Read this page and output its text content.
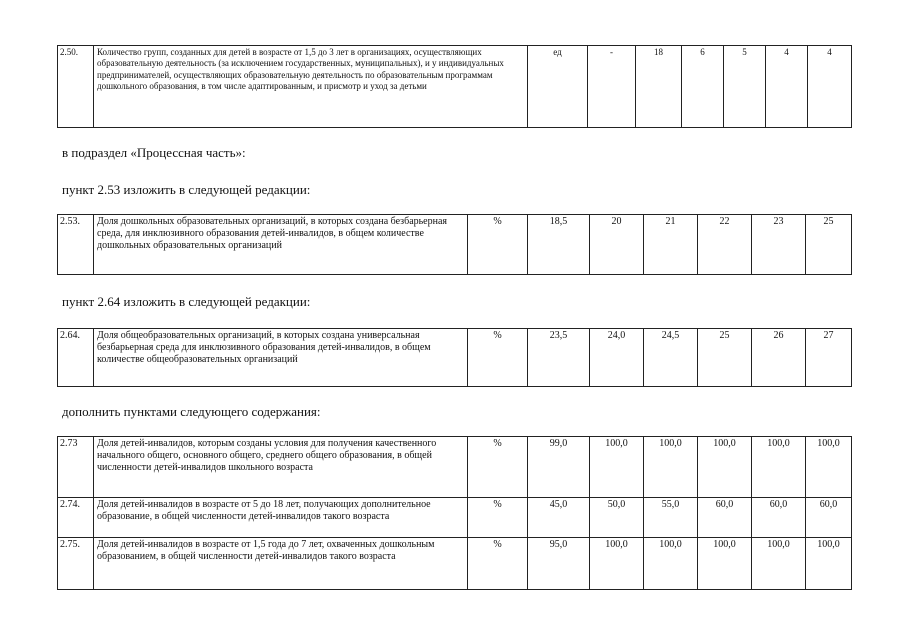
2.50.	Количество групп, созданных для детей в возрасте от 1,5 до 3 лет в организациях, осуществляющих образовательную деятельность (за исключением государственных, муниципальных), и у индивидуальных предпринимателей, осуществляющих образовательную деятельность по образовательным программам дошкольного образования, в том числе адаптированным, и присмотр и уход за детьми	ед	-	18	6	5	4	4
в подраздел «Процесcная часть»:
пункт 2.53 изложить в следующей редакции:
2.53.	Доля дошкольных образовательных организаций, в которых создана безбарьерная среда, для инклюзивного образования детей-инвалидов, в общем количестве дошкольных образовательных организаций	%	18,5	20	21	22	23	25
пункт 2.64 изложить в следующей редакции:
2.64.	Доля общеобразовательных организаций, в которых создана универсальная безбарьерная среда для инклюзивного образования детей-инвалидов, в общем количестве общеобразовательных организаций	%	23,5	24,0	24,5	25	26	27
дополнить пунктами следующего содержания:
2.73	Доля детей-инвалидов, которым созданы условия для получения качественного начального общего, основного общего, среднего общего образования, в общей численности детей-инвалидов школьного возраста	%	99,0	100,0	100,0	100,0	100,0	100,0
2.74.	Доля детей-инвалидов в возрасте от 5 до 18 лет, получающих дополнительное образование, в общей численности детей-инвалидов такого возраста	%	45,0	50,0	55,0	60,0	60,0	60,0
2.75.	Доля детей-инвалидов в возрасте от 1,5 года до 7 лет, охваченных дошкольным образованием, в общей численности детей-инвалидов такого возраста	%	95,0	100,0	100,0	100,0	100,0	100,0
